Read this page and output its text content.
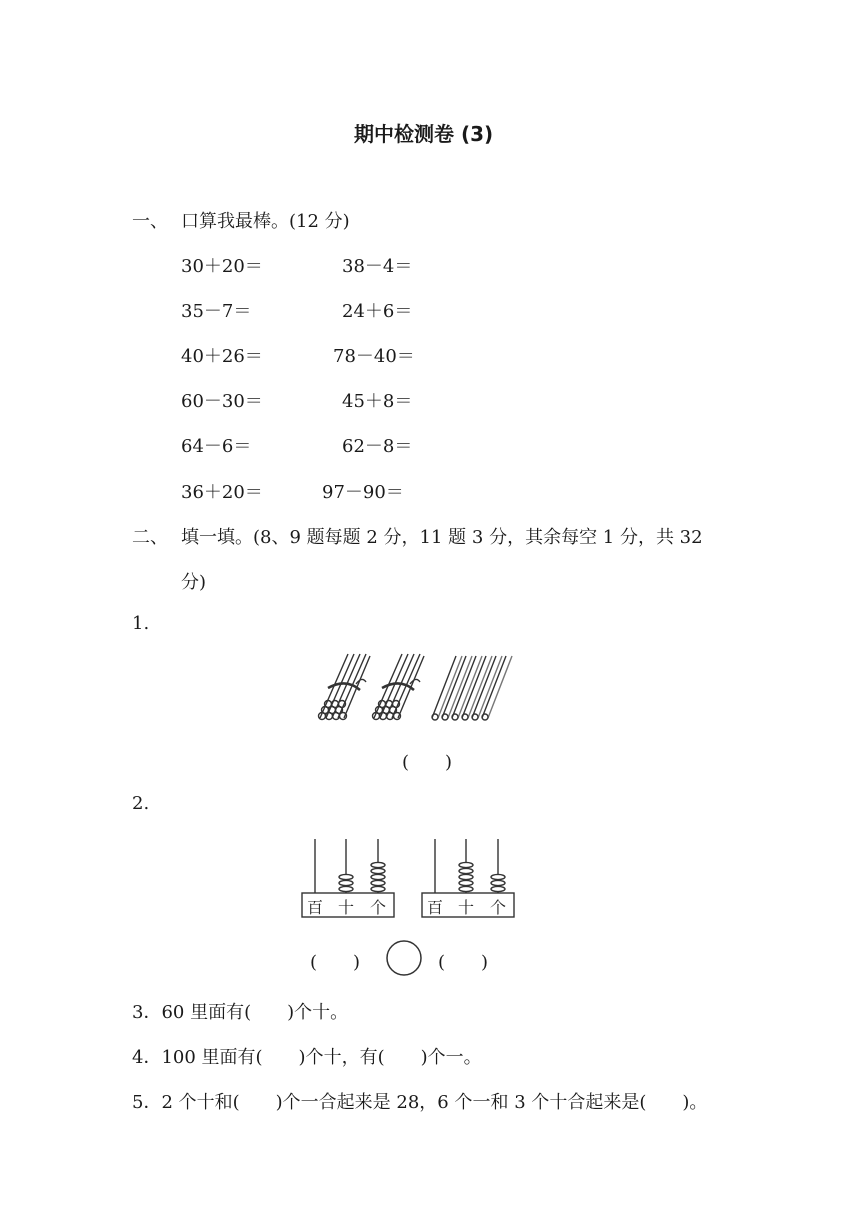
期中检测卷 (3)
一、 口算我最棒。(12 分)
30＋20＝	38－4＝
35－7＝	24＋6＝
40＋26＝	78－40＝
60－30＝	45＋8＝
64－6＝	62－8＝
36＋20＝	97－90＝
二、 填一填。(8、9 题每题 2 分，11 题 3 分，其余每空 1 分，共 32
分)
1.
(　　)
2.
百 十 个	百 十 个
(　　)	(　　)
3．60 里面有(　　)个十。
4．100 里面有(　　)个十，有(　　)个一。
5．2 个十和(　　)个一合起来是 28，6 个一和 3 个十合起来是(　　)。
